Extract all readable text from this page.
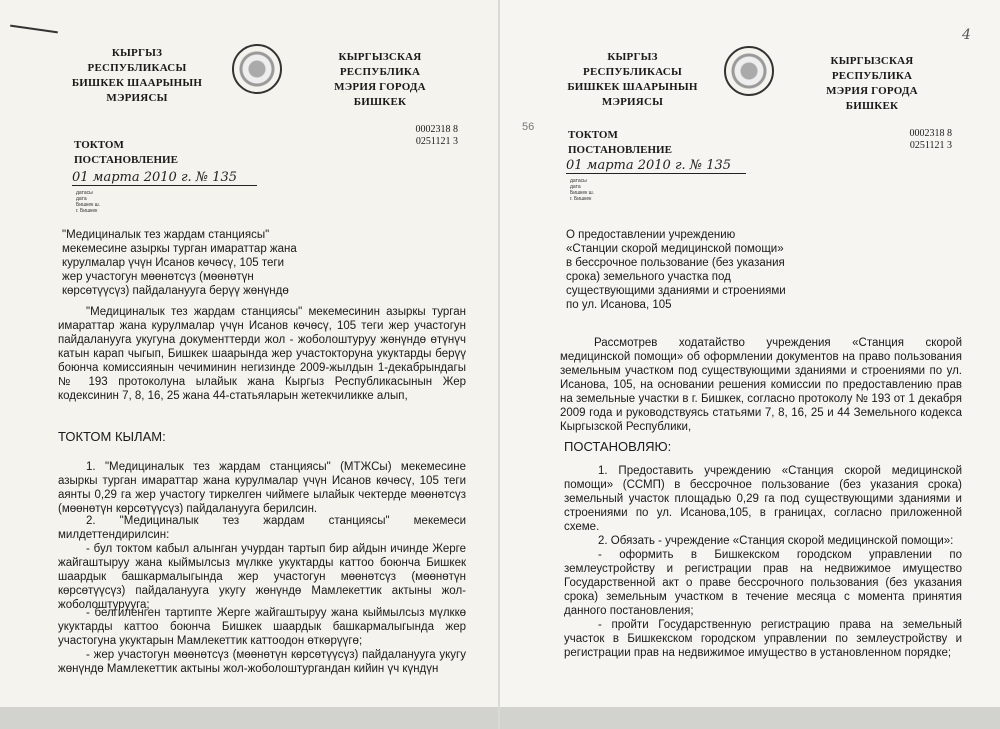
КЫРГЫЗ РЕСПУБЛИКАСЫ
БИШКЕК ШААРЫНЫН
МЭРИЯСЫ
КЫРГЫЗСКАЯ РЕСПУБЛИКА
МЭРИЯ ГОРОДА
БИШКЕК
0002318 8
0251121 3
ТОКТОМ
ПОСТАНОВЛЕНИЕ
01 марта 2010 г. № 135
датасы
дата
Бишкек ш.
г. Бишкек
"Медициналык тез жардам станциясы" мекемесине азыркы турган имараттар жана курулмалар үчүн Исанов көчөсү, 105 теги жер участогун мөөнөтсүз (мөөнөтүн көрсөтүүсүз) пайдаланууга берүү жөнүндө
"Медициналык тез жардам станциясы" мекемесинин азыркы турган имараттар жана курулмалар үчүн Исанов көчөсү, 105 теги жер участогун пайдаланууга укугуна документтерди жол - жоболоштуруу жөнүндө өтүнүч катын карап чыгып, Бишкек шаарында жер участокторуна укуктарды берүү боюнча комиссиянын чечиминин негизинде 2009-жылдын 1-декабрындагы № 193 протоколуна ылайык жана Кыргыз Республикасынын Жер кодексинин 7, 8, 16, 25 жана 44-статьяларын жетекчиликке алып,
ТОКТОМ КЫЛАМ:
1. "Медициналык тез жардам станциясы" (МТЖСы) мекемесине азыркы турган имараттар жана курулмалар үчүн Исанов көчөсү, 105 теги аянты 0,29 га жер участогу тиркелген чиймеге ылайык чектерде мөөнөтсүз (мөөнөтүн көрсөтүүсүз) пайдаланууга берилсин.
2. "Медициналык тез жардам станциясы" мекемеси милдеттендирилсин:
- бул токтом кабыл алынган учурдан тартып бир айдын ичинде Жерге жайгаштыруу жана кыймылсыз мүлкке укуктарды каттоо боюнча Бишкек шаардык башкармалыгында жер участогун мөөнөтсүз (мөөнөтүн көрсөтүүсүз) пайдаланууга укугу жөнүндө Мамлекеттик актыны жол-жоболоштурууга;
- белгиленген тартипте Жерге жайгаштыруу жана кыймылсыз мүлккө укуктарды каттоо боюнча Бишкек шаардык башкармалыгында жер участогуна укуктарын Мамлекеттик каттоодон өткөрүүгө;
- жер участогун мөөнөтсүз (мөөнөтүн көрсөтүүсүз) пайдаланууга укугу жөнүндө Мамлекеттик актыны жол-жоболоштургандан кийин үч күндүн
4
56
КЫРГЫЗ РЕСПУБЛИКАСЫ
БИШКЕК ШААРЫНЫН
МЭРИЯСЫ
КЫРГЫЗСКАЯ РЕСПУБЛИКА
МЭРИЯ ГОРОДА
БИШКЕК
0002318 8
0251121 3
ТОКТОМ
ПОСТАНОВЛЕНИЕ
01 марта 2010 г. № 135
датасы
дата
Бишкек ш.
г. Бишкек
О предоставлении учреждению
«Станции скорой медицинской помощи»
в бессрочное пользование (без указания
срока) земельного участка под
существующими зданиями и строениями
по ул. Исанова, 105
Рассмотрев ходатайство учреждения «Станция скорой медицинской помощи» об оформлении документов на право пользования земельным участком под существующими зданиями и строениями по ул. Исанова, 105, на основании решения комиссии по предоставлению прав на земельные участки в г. Бишкек, согласно протоколу № 193 от 1 декабря 2009 года и руководствуясь статьями 7, 8, 16, 25 и 44 Земельного кодекса Кыргызской Республики,
ПОСТАНОВЛЯЮ:
1. Предоставить учреждению «Станция скорой медицинской помощи» (ССМП) в бессрочное пользование (без указания срока) земельный участок площадью 0,29 га под существующими зданиями и строениями по ул. Исанова,105, в границах, согласно приложенной схеме.
2. Обязать - учреждение «Станция скорой медицинской помощи»:
- оформить в Бишкекском городском управлении по землеустройству и регистрации прав на недвижимое имущество Государственной акт о праве бессрочного пользования (без указания срока) земельным участком в течение месяца с момента принятия данного постановления;
- пройти Государственную регистрацию права на земельный участок в Бишкекском городском управлении по землеустройству и регистрации прав на недвижимое имущество в установленном порядке;
